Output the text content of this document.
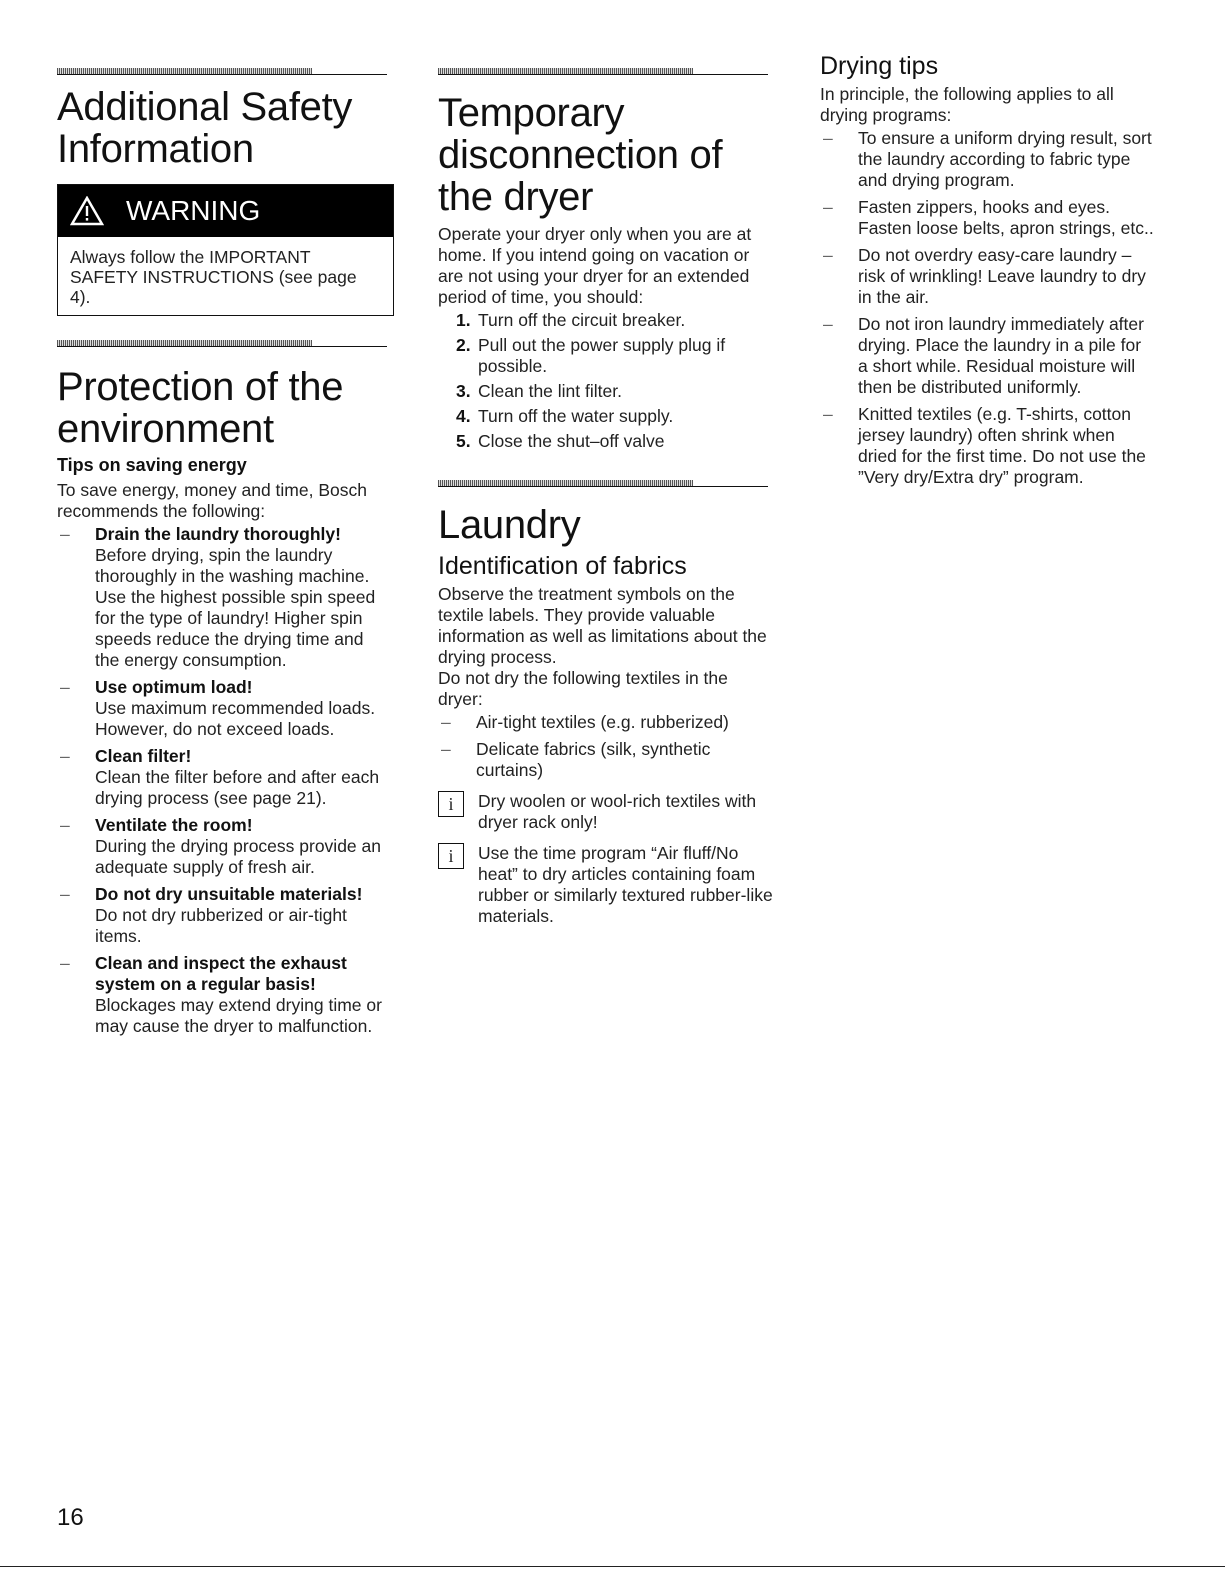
Additional Safety Information
WARNING
Always follow the IMPORTANT SAFETY INSTRUCTIONS (see page 4).
Protection of the environment
Tips on saving energy

To save energy, money and time, Bosch recommends the following:

– Drain the laundry thoroughly!
Before drying, spin the laundry thoroughly in the washing machine. Use the highest possible spin speed for the type of laundry! Higher spin speeds reduce the drying time and the energy consumption.
– Use optimum load!
Use maximum recommended loads. However, do not exceed loads.
– Clean filter!
Clean the filter before and after each drying process (see page 21).
– Ventilate the room!
During the drying process provide an adequate supply of fresh air.
– Do not dry unsuitable materials!
Do not dry rubberized or air-tight items.
– Clean and inspect the exhaust system on a regular basis!
Blockages may extend drying time or may cause the dryer to malfunction.
Temporary disconnection of the dryer

Operate your dryer only when you are at home. If you intend going on vacation or are not using your dryer for an extended period of time, you should:

1. Turn off the circuit breaker.
2. Pull out the power supply plug if possible.
3. Clean the lint filter.
4. Turn off the water supply.
5. Close the shut–off valve
Laundry
Identification of fabrics

Observe the treatment symbols on the textile labels. They provide valuable information as well as limitations about the drying process.

Do not dry the following textiles in the dryer:

– Air-tight textiles (e.g. rubberized)
– Delicate fabrics (silk, synthetic curtains)
i	Dry woolen or wool-rich textiles with dryer rack only!
i	Use the time program “Air fluff/No heat” to dry articles containing foam rubber or similarly textured rubber-like materials.
Drying tips

In principle, the following applies to all drying programs:

– To ensure a uniform drying result, sort the laundry according to fabric type and drying program.
– Fasten zippers, hooks and eyes. Fasten loose belts, apron strings, etc..
– Do not overdry easy-care laundry – risk of wrinkling! Leave laundry to dry in the air.
– Do not iron laundry immediately after drying. Place the laundry in a pile for a short while. Residual moisture will then be distributed uniformly.
– Knitted textiles (e.g. T-shirts, cotton jersey laundry) often shrink when dried for the first time. Do not use the ”Very dry/Extra dry” program.
16
